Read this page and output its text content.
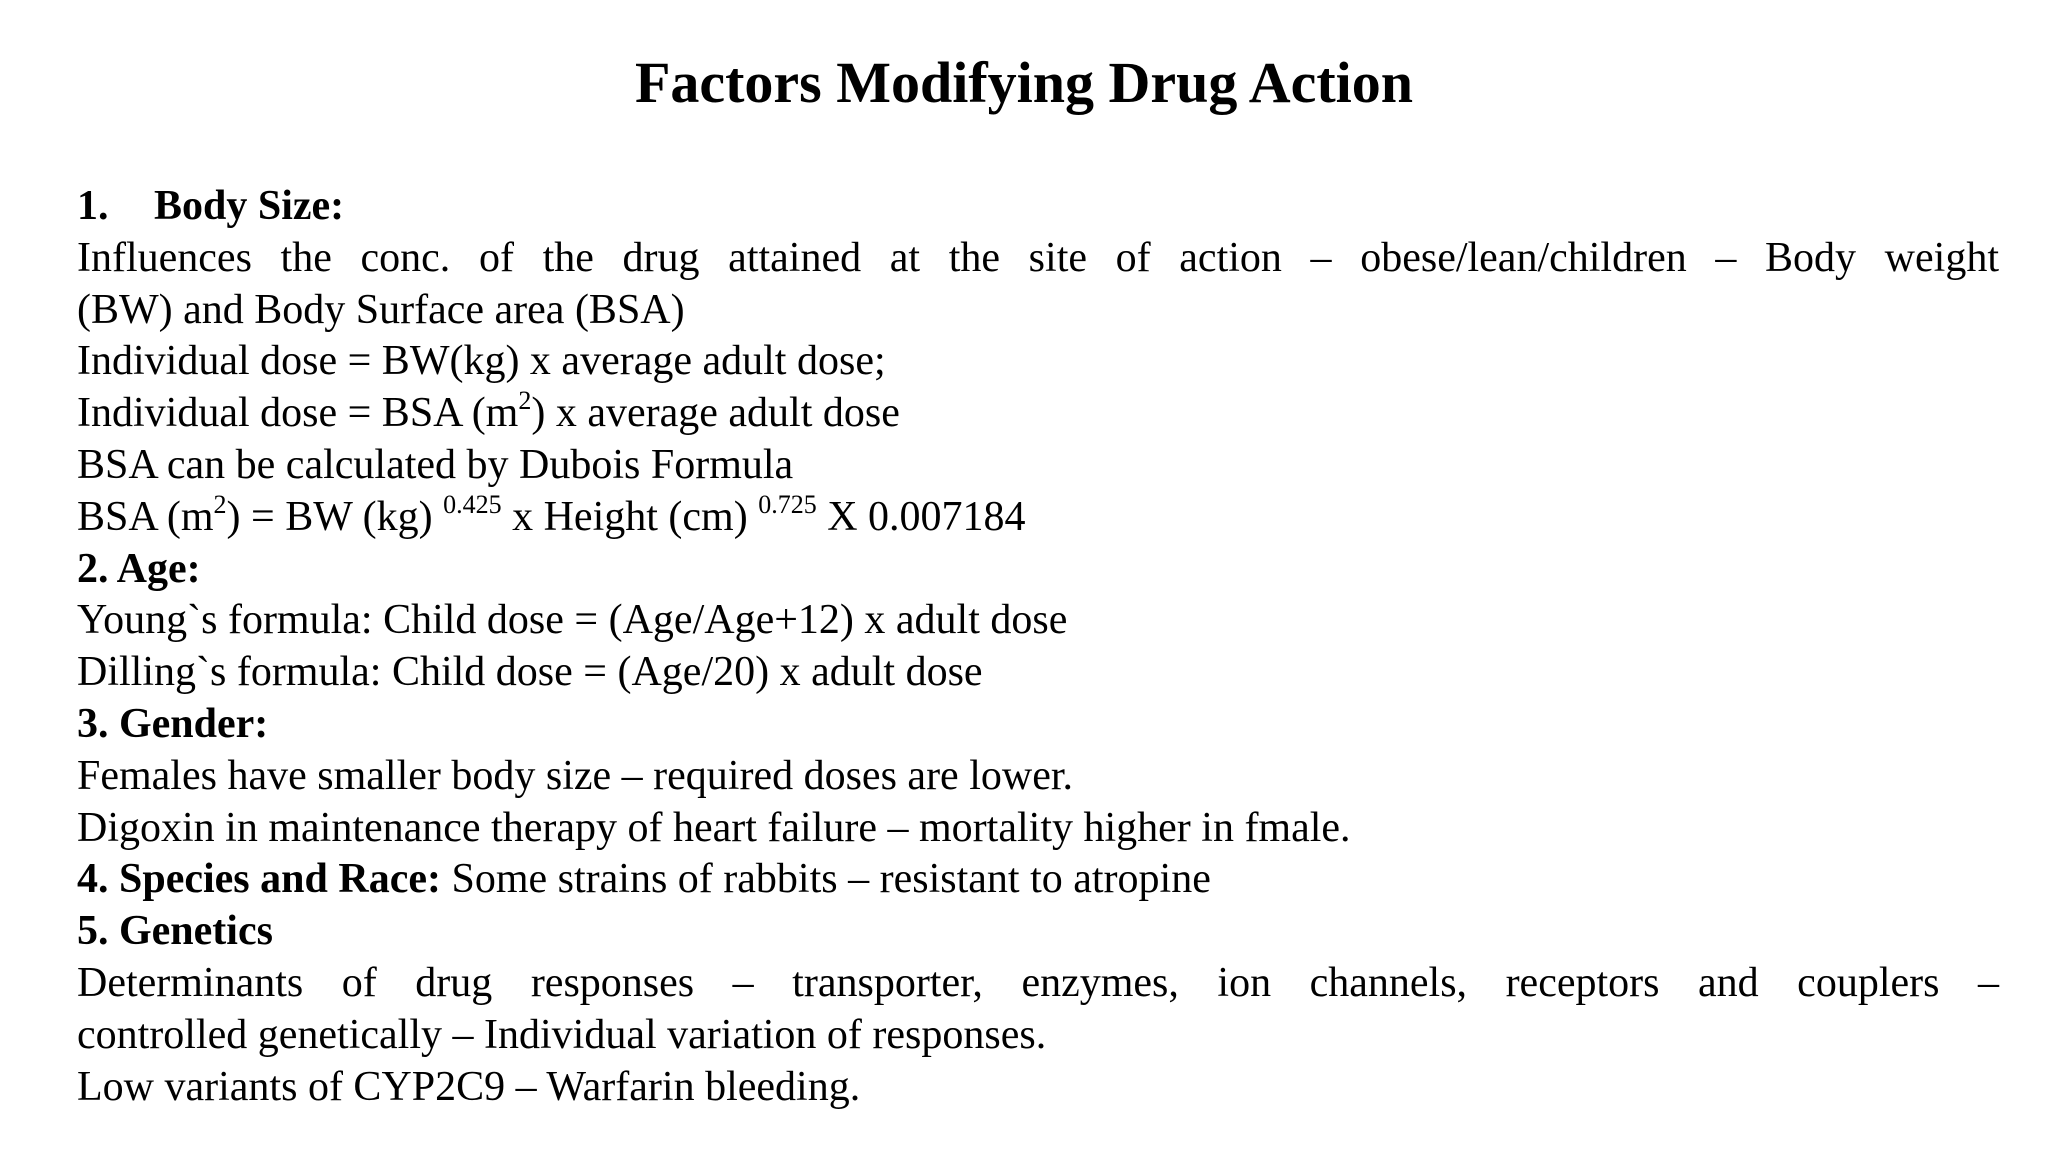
Factors Modifying Drug Action
1. Body Size:
Influences the conc. of the drug attained at the site of action – obese/lean/children – Body weight
(BW) and Body Surface area (BSA)
Individual dose = BW(kg) x average adult dose;
Individual dose = BSA $(m^2)$ x average adult dose
BSA can be calculated by Dubois Formula
BSA $(m^2)$ = BW (kg) $^{0.425}$ x Height (cm) $^{0.725}$ X 0.007184
2. Age:
Young`s formula: Child dose = (Age/Age+12) x adult dose
Dilling`s formula: Child dose = (Age/20) x adult dose
3. Gender:
Females have smaller body size – required doses are lower.
Digoxin in maintenance therapy of heart failure – mortality higher in fmale.
4. Species and Race: Some strains of rabbits – resistant to atropine
5. Genetics
Determinants of drug responses – transporter, enzymes, ion channels, receptors and couplers –
controlled genetically – Individual variation of responses.
Low variants of CYP2C9 – Warfarin bleeding.
